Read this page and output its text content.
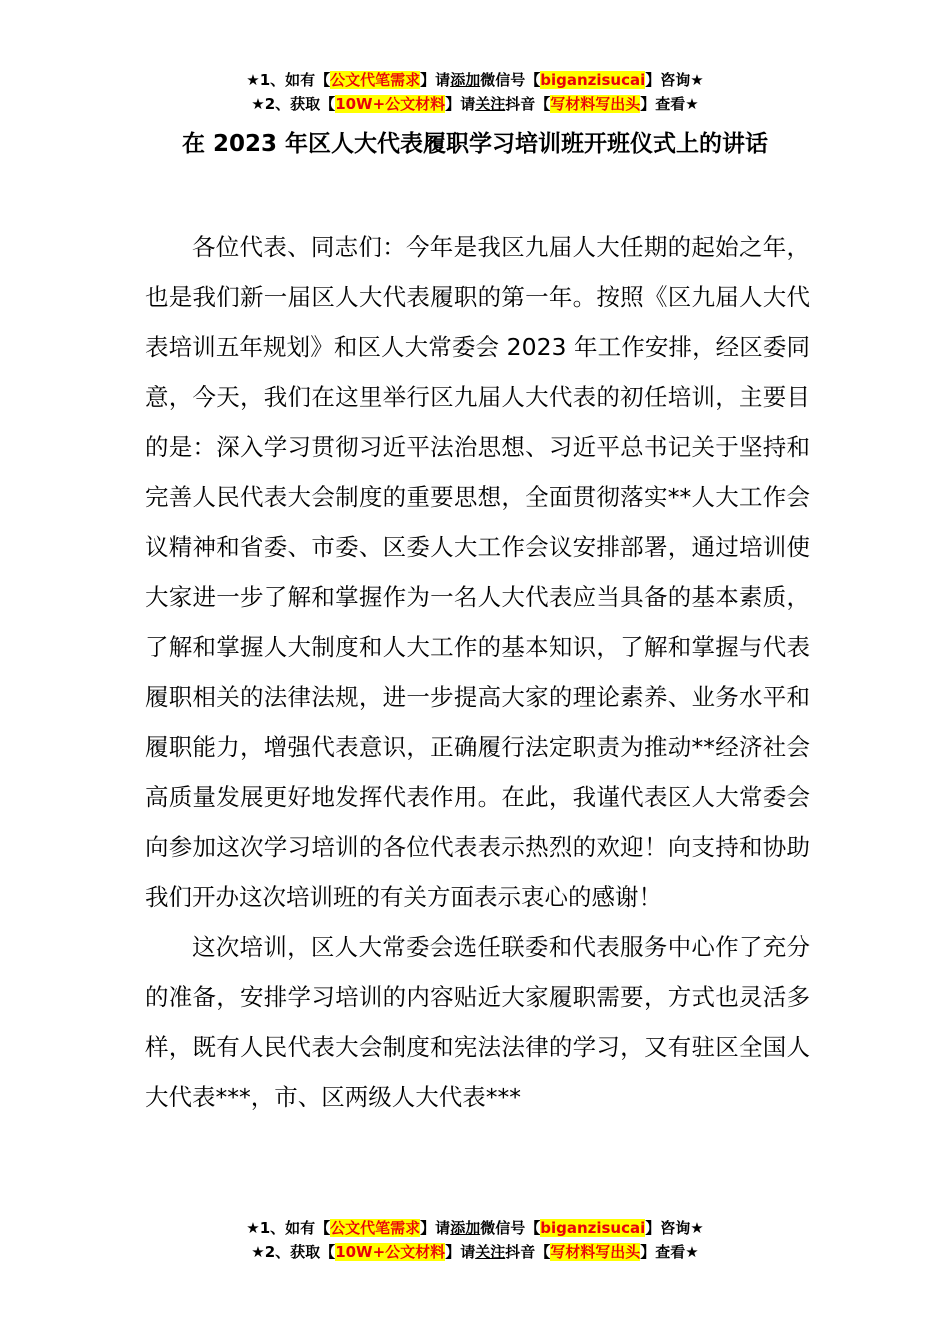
★1、如有【公文代笔需求】请添加微信号【biganzisucai】咨询★
★2、获取【10W+公文材料】请关注抖音【写材料写出头】查看★
在 2023 年区人大代表履职学习培训班开班仪式上的讲话

各位代表、同志们：今年是我区九届人大任期的起始之年，也是我们新一届区人大代表履职的第一年。按照《区九届人大代表培训五年规划》和区人大常委会 2023 年工作安排，经区委同意，今天，我们在这里举行区九届人大代表的初任培训，主要目的是：深入学习贯彻习近平法治思想、习近平总书记关于坚持和完善人民代表大会制度的重要思想，全面贯彻落实**人大工作会议精神和省委、市委、区委人大工作会议安排部署，通过培训使大家进一步了解和掌握作为一名人大代表应当具备的基本素质，了解和掌握人大制度和人大工作的基本知识，了解和掌握与代表履职相关的法律法规，进一步提高大家的理论素养、业务水平和履职能力，增强代表意识，正确履行法定职责为推动**经济社会高质量发展更好地发挥代表作用。在此，我谨代表区人大常委会向参加这次学习培训的各位代表表示热烈的欢迎！向支持和协助我们开办这次培训班的有关方面表示衷心的感谢！

这次培训，区人大常委会选任联委和代表服务中心作了充分的准备，安排学习培训的内容贴近大家履职需要，方式也灵活多样，既有人民代表大会制度和宪法法律的学习，又有驻区全国人大代表***，市、区两级人大代表***

★1、如有【公文代笔需求】请添加微信号【biganzisucai】咨询★
★2、获取【10W+公文材料】请关注抖音【写材料写出头】查看★
